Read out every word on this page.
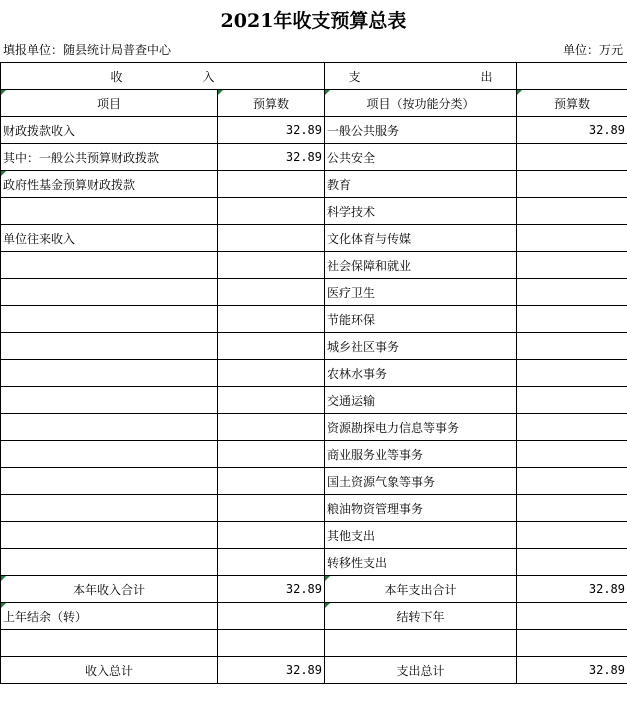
2021年收支预算总表
填报单位：随县统计局普查中心	单位：万元
收 入		支 出	
项目	预算数	项目（按功能分类）	预算数
财政拨款收入	32.89	一般公共服务	32.89
其中：一般公共预算财政拨款	32.89	公共安全	
政府性基金预算财政拨款		教育	
		科学技术	
单位往来收入		文化体育与传媒	
		社会保障和就业	
		医疗卫生	
		节能环保	
		城乡社区事务	
		农林水事务	
		交通运输	
		资源勘探电力信息等事务	
		商业服务业等事务	
		国土资源气象等事务	
		粮油物资管理事务	
		其他支出	
		转移性支出	
本年收入合计	32.89	本年支出合计	32.89
上年结余（转）		结转下年	

收入总计	32.89	支出总计	32.89
